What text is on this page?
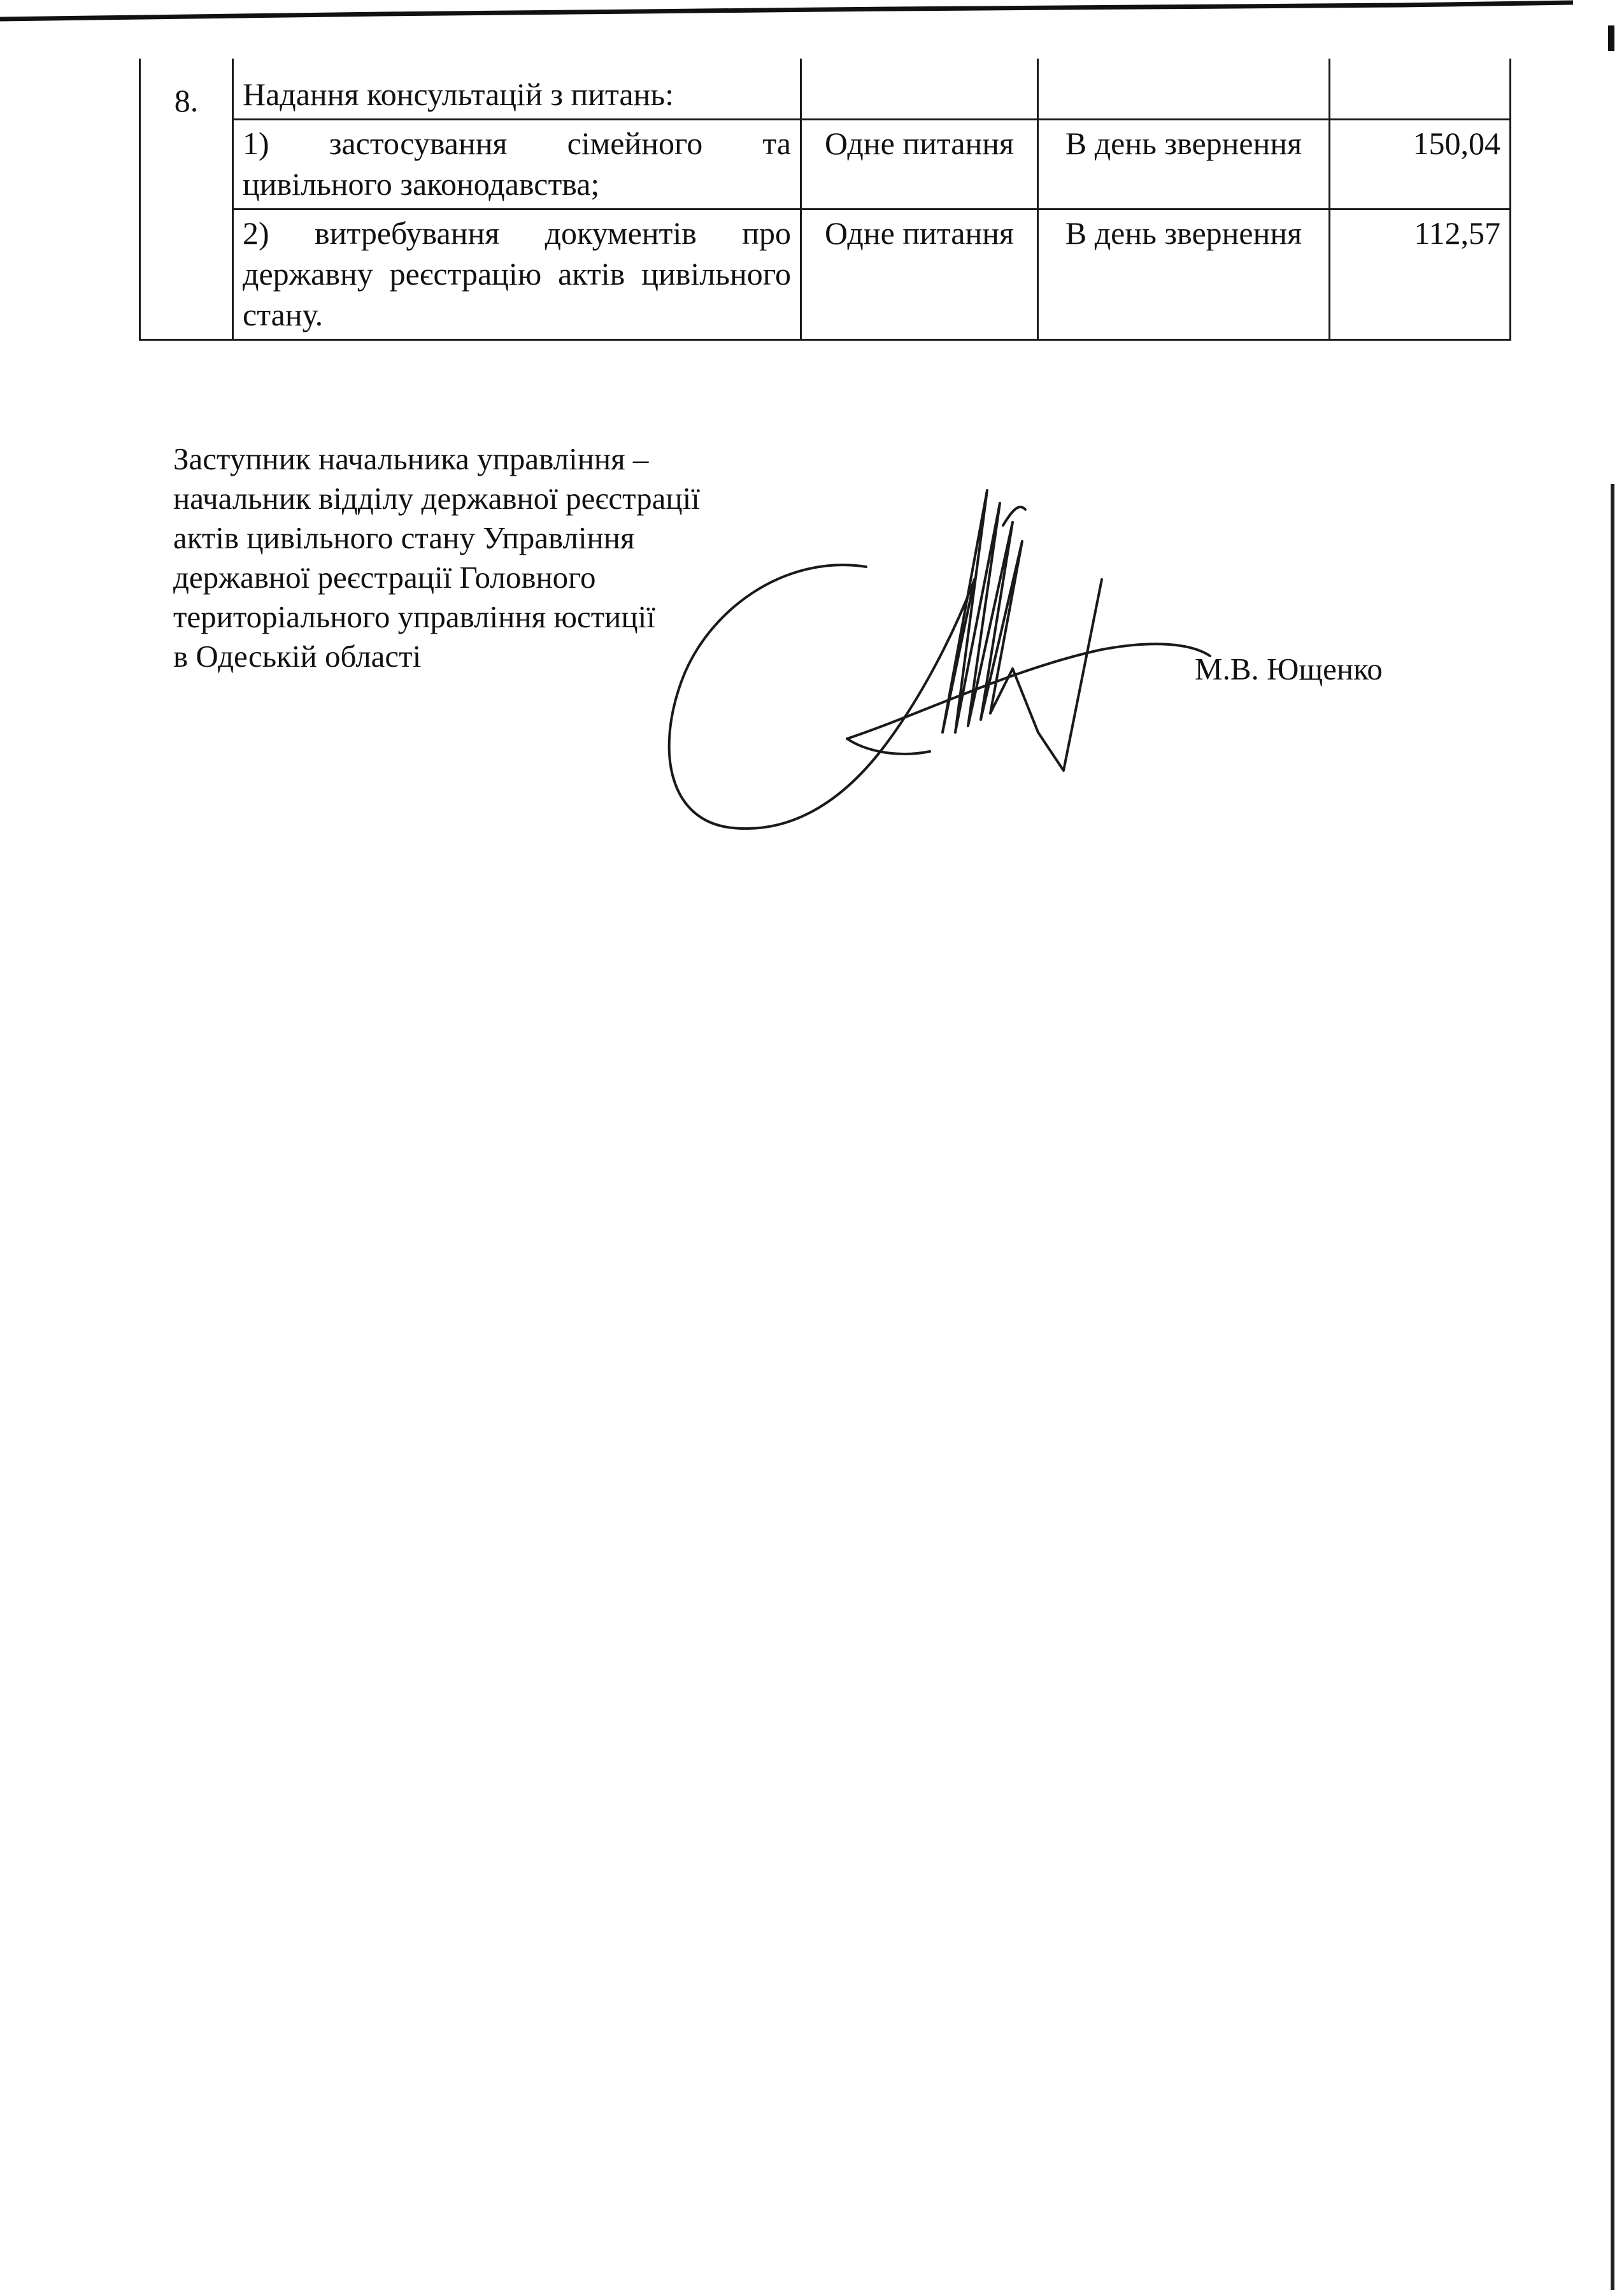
8.	Надання консультацій з питань:			
	1) застосування сімейного та цивільного законодавства;	Одне питання	В день звернення	150,04
	2) витребування документів про державну реєстрацію актів цивільного стану.	Одне питання	В день звернення	112,57
Заступник начальника управління –
начальник відділу державної реєстрації
актів цивільного стану Управління
державної реєстрації Головного
територіального управління юстиції
в Одеській області	М.В. Ющенко
